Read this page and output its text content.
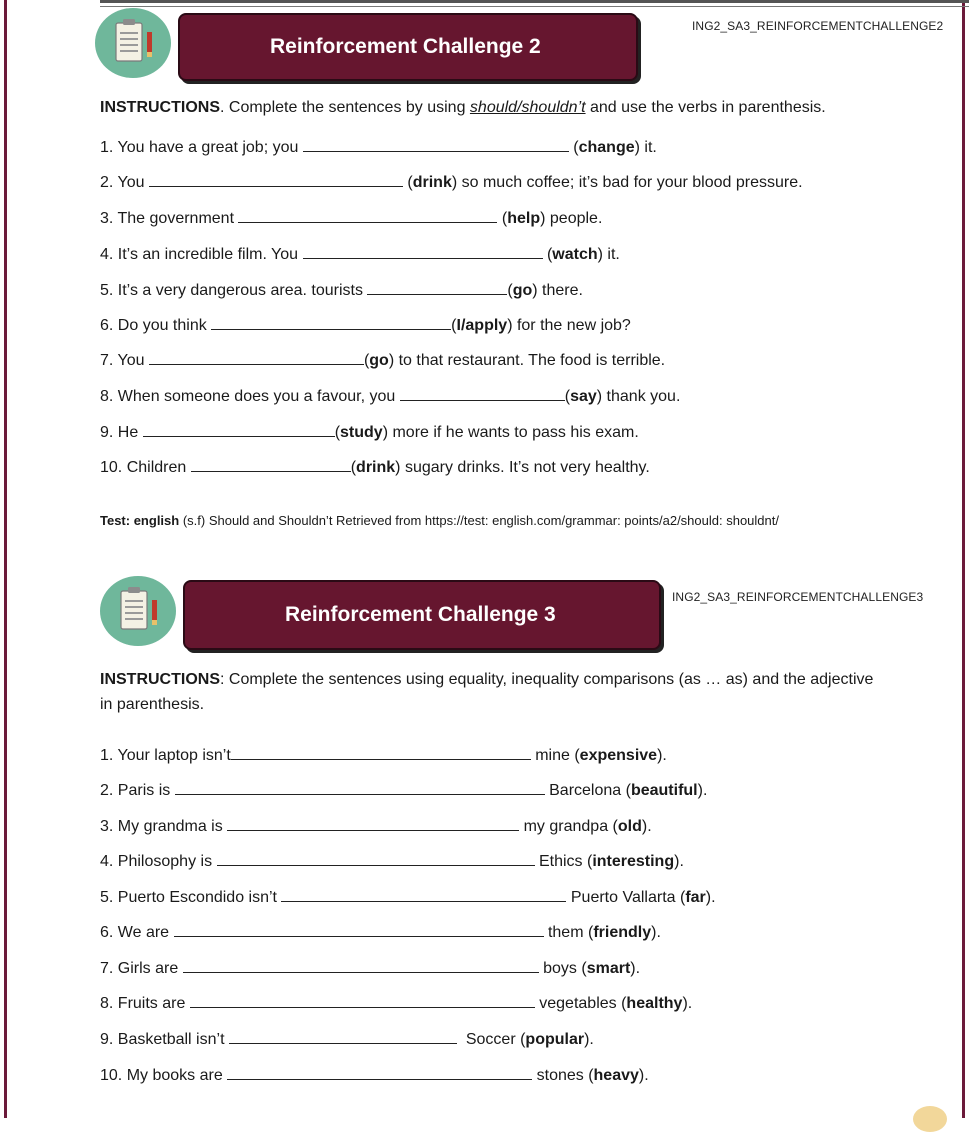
Reinforcement Challenge 2
ING2_SA3_REINFORCEMENTCHALLENGE2
INSTRUCTIONS. Complete the sentences by using should/shouldn’t and use the verbs in parenthesis.
1. You have a great job; you	(change) it.
2. You	(drink) so much coffee; it’s bad for your blood pressure.
3. The government	(help) people.
4. It’s an incredible film. You	(watch) it.
5. It’s a very dangerous area. tourists	(go) there.
6. Do you think	(I/apply) for the new job?
7. You	(go) to that restaurant. The food is terrible.
8. When someone does you a favour, you	(say) thank you.
9. He	(study) more if he wants to pass his exam.
10. Children	(drink) sugary drinks. It’s not very healthy.
Test: english (s.f) Should and Shouldn’t Retrieved from https://test: english.com/grammar: points/a2/should: shouldnt/
Reinforcement Challenge 3
ING2_SA3_REINFORCEMENTCHALLENGE3
INSTRUCTIONS: Complete the sentences using equality, inequality comparisons (as … as) and the adjective
in parenthesis.
1. Your laptop isn’t	mine (expensive).
2. Paris is	Barcelona (beautiful).
3. My grandma is	my grandpa (old).
4. Philosophy is	Ethics (interesting).
5. Puerto Escondido isn’t	Puerto Vallarta (far).
6. We are	them (friendly).
7. Girls are	boys (smart).
8. Fruits are	vegetables (healthy).
9. Basketball isn’t	Soccer (popular).
10. My books are	stones (heavy).
